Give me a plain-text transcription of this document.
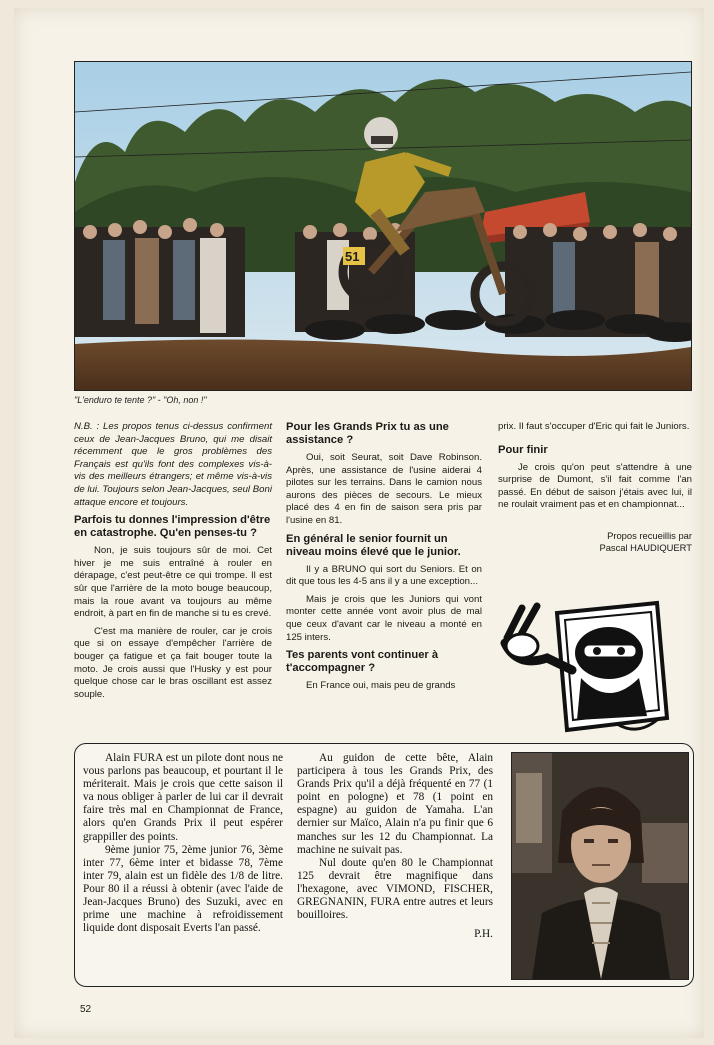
51
"L'enduro te tente ?" - "Oh, non !"

N.B. : Les propos tenus ci-dessus confirment ceux de Jean-Jacques Bruno, qui me disait récemment que le gros problèmes des Français est qu'ils font des complexes vis-à-vis des meilleurs étrangers; et même vis-à-vis de lui. Toujours selon Jean-Jacques, seul Boni attaque encore et toujours.

Parfois tu donnes l'impression d'être en catastrophe. Qu'en penses-tu ?

Non, je suis toujours sûr de moi. Cet hiver je me suis entraîné à rouler en dérapage, c'est peut-être ce qui trompe. Il est sûr que l'arrière de la moto bouge beaucoup, mais la roue avant va toujours au même endroit, à part en fin de manche si tu es crevé.

C'est ma manière de rouler, car je crois que si on essaye d'empêcher l'arrière de bouger ça fatigue et ça fait bouger toute la moto. Je crois aussi que l'Husky y est pour quelque chose car le bras oscillant est assez souple.

Pour les Grands Prix tu as une assistance ?

Oui, soit Seurat, soit Dave Robinson. Après, une assistance de l'usine aiderai 4 pilotes sur les terrains. Dans le camion nous aurons des pièces de secours. Le mieux placé des 4 en fin de saison sera pris par l'usine en 81.

En général le senior fournit un niveau moins élevé que le junior.

Il y a BRUNO qui sort du Seniors. Et on dit que tous les 4-5 ans il y a une exception...

Mais je crois que les Juniors qui vont monter cette année vont avoir plus de mal que ceux d'avant car le niveau a monté en 125 inters.

Tes parents vont continuer à t'accompagner ?

En France oui, mais peu de grands

prix. Il faut s'occuper d'Eric qui fait le Juniors.

Pour finir

Je crois qu'on peut s'attendre à une surprise de Dumont, s'il fait comme l'an passé. En début de saison j'étais avec lui, il ne roulait vraiment pas et en championnat...

Propos recueillis par
Pascal HAUDIQUERT

Alain FURA est un pilote dont nous ne vous parlons pas beaucoup, et pourtant il le mériterait. Mais je crois que cette saison il va nous obliger à parler de lui car il devrait faire très mal en Championnat de France, alors qu'en Grands Prix il peut espérer grappiller des points.

9ème junior 75, 2ème junior 76, 3ème inter 77, 6ème inter et bidasse 78, 7ème inter 79, alain est un fidèle des 1/8 de litre. Pour 80 il a réussi à obtenir (avec l'aide de Jean-Jacques Bruno) des Suzuki, avec en prime une machine à refroidissement liquide dont disposait Everts l'an passé.

Au guidon de cette bête, Alain participera à tous les Grands Prix, des Grands Prix qu'il a déjà fréquenté en 77 (1 point en pologne) et 78 (1 point en espagne) au guidon de Yamaha. L'an dernier sur Maïco, Alain n'a pu finir que 6 manches sur les 12 du Championnat. La machine ne suivait pas.

Nul doute qu'en 80 le Championnat 125 devrait être magnifique dans l'hexagone, avec VIMOND, FISCHER, GREGNANIN, FURA entre autres et leurs bouilloires.

P.H.

52
